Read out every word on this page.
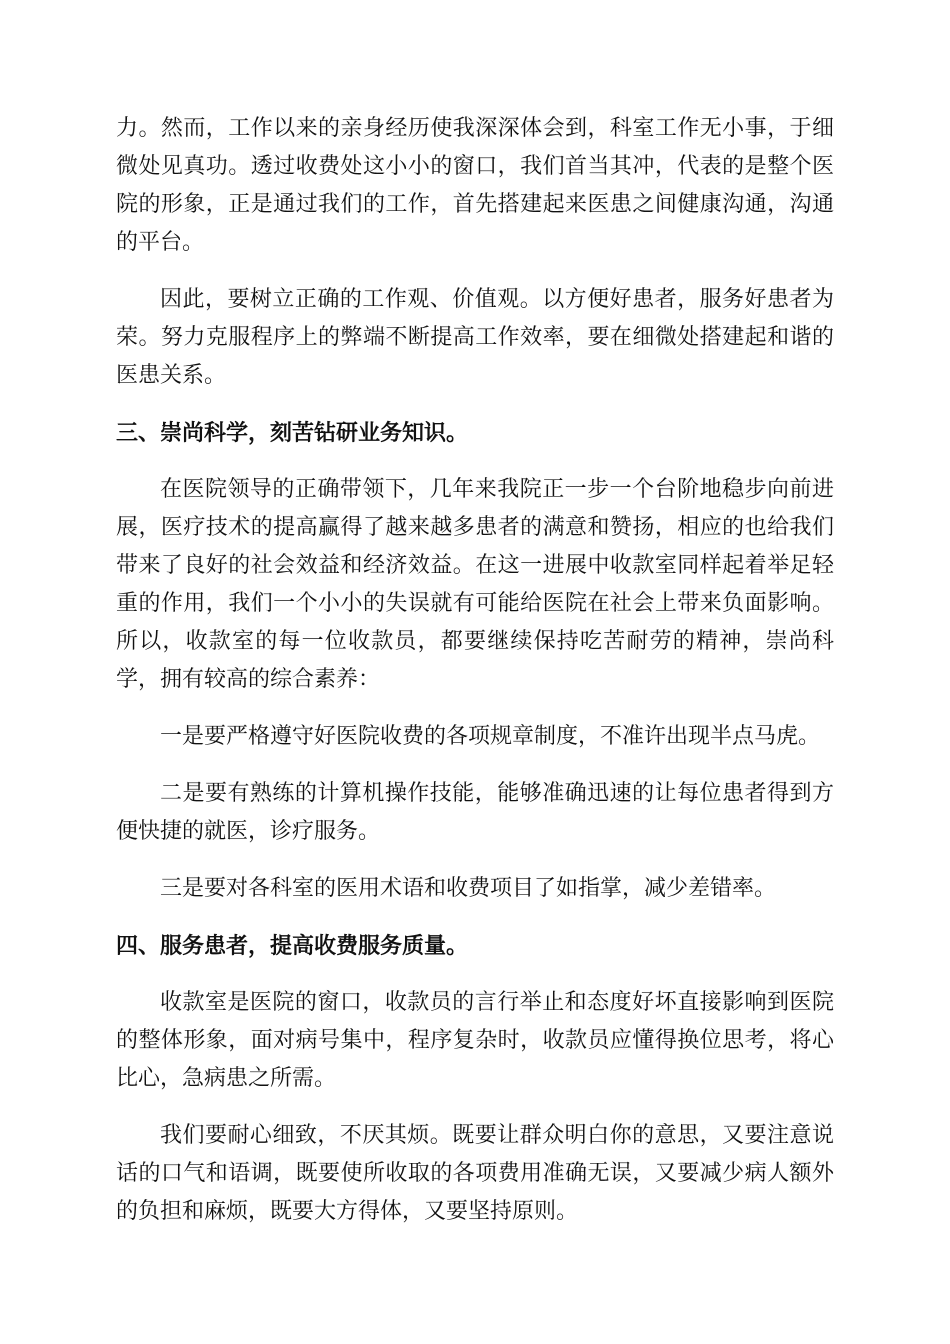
力。然而，工作以来的亲身经历使我深深体会到，科室工作无小事，于细微处见真功。透过收费处这小小的窗口，我们首当其冲，代表的是整个医院的形象，正是通过我们的工作，首先搭建起来医患之间健康沟通，沟通的平台。

因此，要树立正确的工作观、价值观。以方便好患者，服务好患者为荣。努力克服程序上的弊端不断提高工作效率，要在细微处搭建起和谐的医患关系。

三、崇尚科学，刻苦钻研业务知识。

在医院领导的正确带领下，几年来我院正一步一个台阶地稳步向前进展，医疗技术的提高赢得了越来越多患者的满意和赞扬，相应的也给我们带来了良好的社会效益和经济效益。在这一进展中收款室同样起着举足轻重的作用，我们一个小小的失误就有可能给医院在社会上带来负面影响。所以，收款室的每一位收款员，都要继续保持吃苦耐劳的精神，崇尚科学，拥有较高的综合素养：

一是要严格遵守好医院收费的各项规章制度，不准许出现半点马虎。

二是要有熟练的计算机操作技能，能够准确迅速的让每位患者得到方便快捷的就医，诊疗服务。

三是要对各科室的医用术语和收费项目了如指掌，减少差错率。

四、服务患者，提高收费服务质量。

收款室是医院的窗口，收款员的言行举止和态度好坏直接影响到医院的整体形象，面对病号集中，程序复杂时，收款员应懂得换位思考，将心比心，急病患之所需。

我们要耐心细致，不厌其烦。既要让群众明白你的意思，又要注意说话的口气和语调，既要使所收取的各项费用准确无误，又要减少病人额外的负担和麻烦，既要大方得体，又要坚持原则。
